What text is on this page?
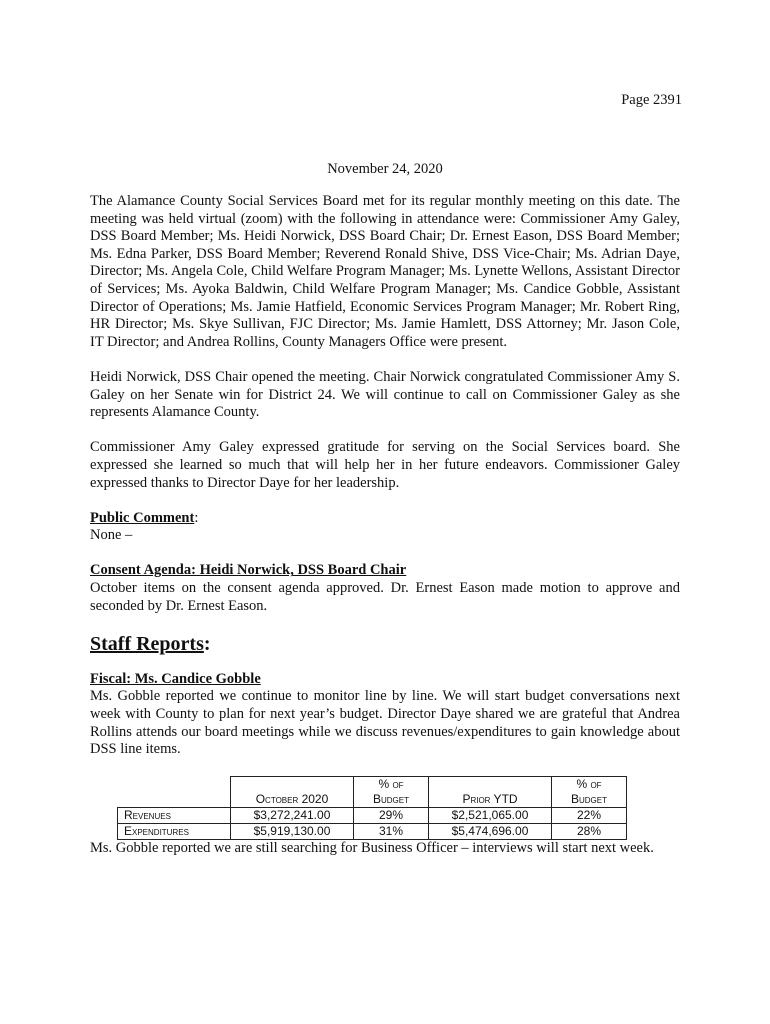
Page 2391
November 24, 2020

The Alamance County Social Services Board met for its regular monthly meeting on this date. The meeting was held virtual (zoom) with the following in attendance were: Commissioner Amy Galey, DSS Board Member; Ms. Heidi Norwick, DSS Board Chair; Dr. Ernest Eason, DSS Board Member; Ms. Edna Parker, DSS Board Member; Reverend Ronald Shive, DSS Vice-Chair; Ms. Adrian Daye, Director; Ms. Angela Cole, Child Welfare Program Manager; Ms. Lynette Wellons, Assistant Director of Services; Ms. Ayoka Baldwin, Child Welfare Program Manager; Ms. Candice Gobble, Assistant Director of Operations; Ms. Jamie Hatfield, Economic Services Program Manager; Mr. Robert Ring, HR Director; Ms. Skye Sullivan, FJC Director; Ms. Jamie Hamlett, DSS Attorney; Mr. Jason Cole, IT Director; and Andrea Rollins, County Managers Office were present.

Heidi Norwick, DSS Chair opened the meeting. Chair Norwick congratulated Commissioner Amy S. Galey on her Senate win for District 24. We will continue to call on Commissioner Galey as she represents Alamance County.

Commissioner Amy Galey expressed gratitude for serving on the Social Services board. She expressed she learned so much that will help her in her future endeavors. Commissioner Galey expressed thanks to Director Daye for her leadership.

Public Comment:

None –

Consent Agenda: Heidi Norwick, DSS Board Chair

October items on the consent agenda approved. Dr. Ernest Eason made motion to approve and seconded by Dr. Ernest Eason.

Staff Reports:
Fiscal: Ms. Candice Gobble

Ms. Gobble reported we continue to monitor line by line. We will start budget conversations next week with County to plan for next year’s budget. Director Daye shared we are grateful that Andrea Rollins attends our board meetings while we discuss revenues/expenditures to gain knowledge about DSS line items.

	October 2020	% of Budget	Prior YTD	% of Budget
Revenues	$3,272,241.00	29%	$2,521,065.00	22%
Expenditures	$5,919,130.00	31%	$5,474,696.00	28%

Ms. Gobble reported we are still searching for Business Officer – interviews will start next week.
